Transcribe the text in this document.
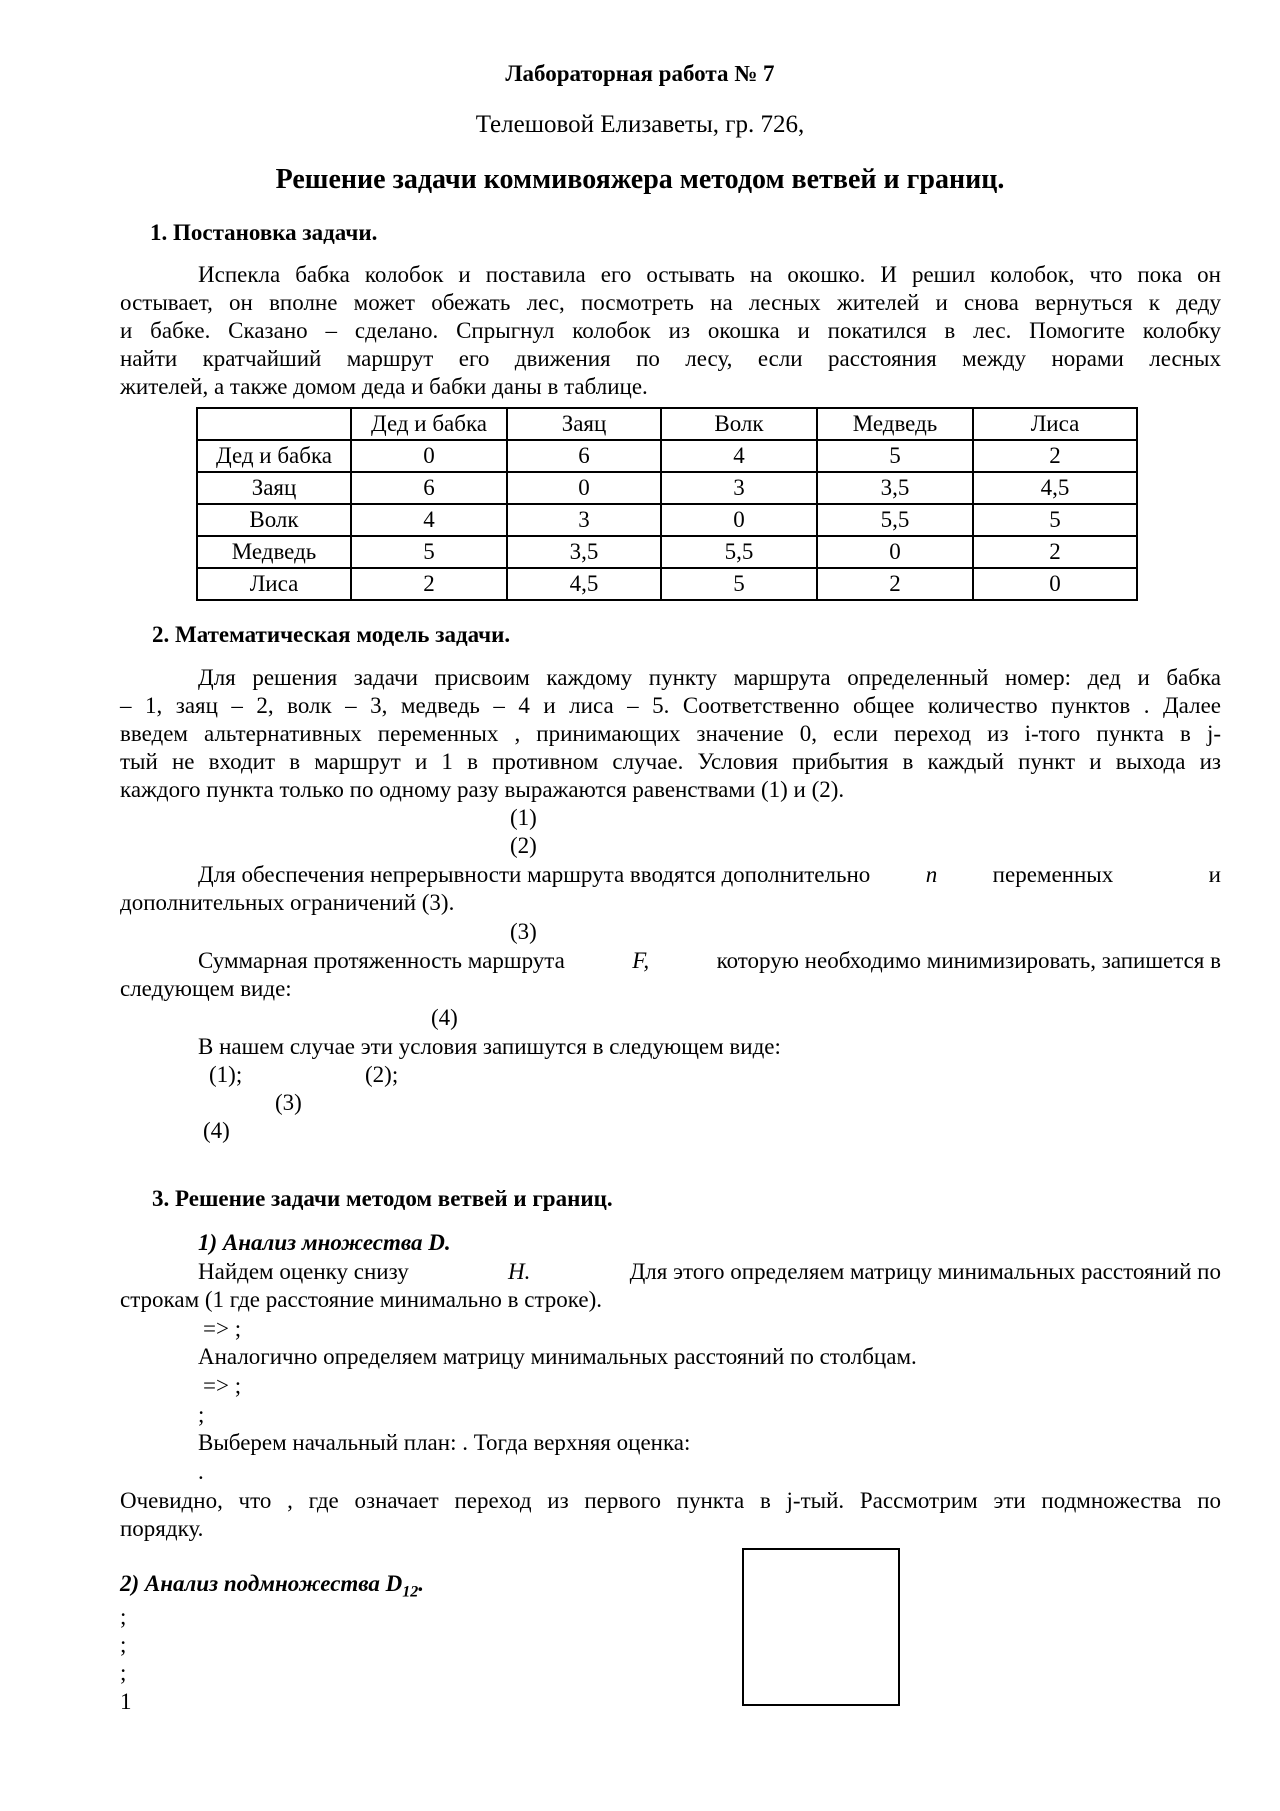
Лабораторная работа № 7
Телешовой Елизаветы, гр. 726,
Решение задачи коммивояжера методом ветвей и границ.
1. Постановка задачи.
Испекла бабка колобок и поставила его остывать на окошко. И решил колобок, что пока он
остывает, он вполне может обежать лес, посмотреть на лесных жителей и снова вернуться к деду
и бабке. Сказано – сделано. Спрыгнул колобок из окошка и покатился в лес. Помогите колобку
найти кратчайший маршрут его движения по лесу, если расстояния между норами лесных
жителей, а также домом деда и бабки даны в таблице.
	Дед и бабка	Заяц	Волк	Медведь	Лиса
Дед и бабка	0	6	4	5	2
Заяц	6	0	3	3,5	4,5
Волк	4	3	0	5,5	5
Медведь	5	3,5	5,5	0	2
Лиса	2	4,5	5	2	0
2. Математическая модель задачи.
Для решения задачи присвоим каждому пункту маршрута определенный номер: дед и бабка
– 1, заяц – 2, волк – 3, медведь – 4 и лиса – 5. Соответственно общее количество пунктов . Далее
введем альтернативных переменных , принимающих значение 0, если переход из i-того пункта в j-
тый не входит в маршрут и 1 в противном случае. Условия прибытия в каждый пункт и выхода из
каждого пункта только по одному разу выражаются равенствами (1) и (2).
(1)
(2)
Для обеспечения непрерывности маршрута вводятся дополнительно n переменных	и
дополнительных ограничений (3).
(3)
Суммарная протяженность маршрута	F,	которую необходимо минимизировать, запишется в
следующем виде:
(4)
В нашем случае эти условия запишутся в следующем виде:
(1);	(2);
(3)
(4)
3. Решение задачи методом ветвей и границ.
1) Анализ множества D.
Найдем оценку снизу	H.	Для этого определяем матрицу минимальных расстояний по
строкам (1 где расстояние минимально в строке).
=> ;
Аналогично определяем матрицу минимальных расстояний по столбцам.
=> ;
;
Выберем начальный план: . Тогда верхняя оценка:
.
Очевидно, что , где означает переход из первого пункта в j-тый. Рассмотрим эти подмножества по
порядку.
2) Анализ подмножества $D_{12}$.
;
;
;
1
